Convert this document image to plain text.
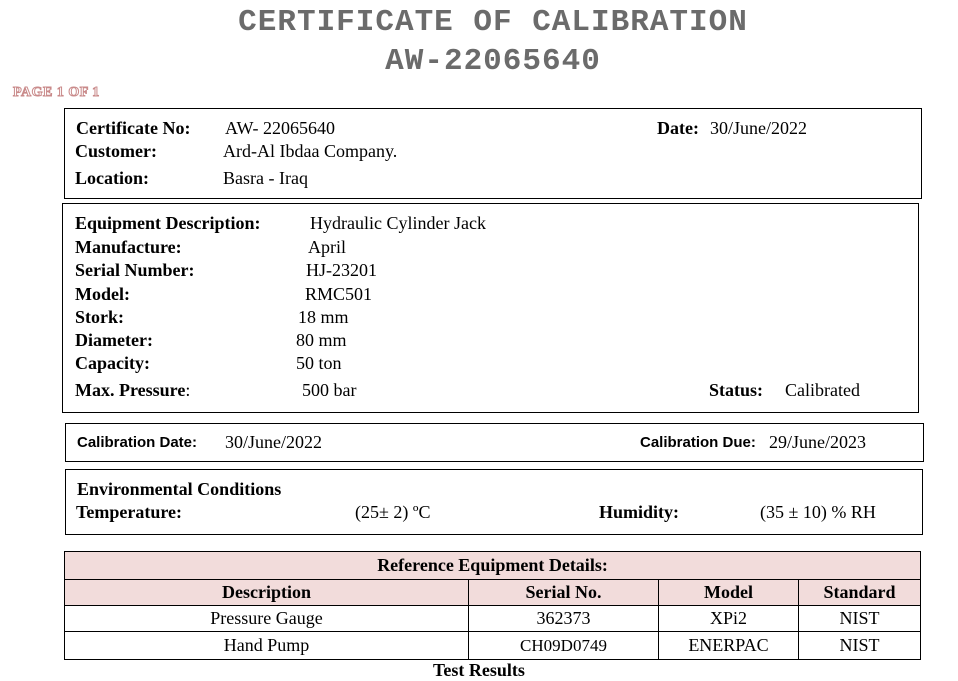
CERTIFICATE OF CALIBRATION
AW-22065640
PAGE 1 OF 1
Certificate No: AW- 22065640	Date: 30/June/2022
Customer:	Ard-Al Ibdaa Company.
Location:	Basra - Iraq
Equipment Description:	Hydraulic Cylinder Jack
Manufacture:	April
Serial Number:	HJ-23201
Model:	RMC501
Stork:	18 mm
Diameter:	80 mm
Capacity:	50 ton
Max. Pressure:	500 bar	Status: Calibrated
Calibration Date: 30/June/2022	Calibration Due: 29/June/2023
Environmental Conditions
Temperature:	(25± 2) ºC	Humidity:	(35 ± 10) % RH
Reference Equipment Details:			
Description	Serial No.	Model	Standard
Pressure Gauge	362373	XPi2	NIST
Hand Pump	CH09D0749	ENERPAC	NIST
Test Results
